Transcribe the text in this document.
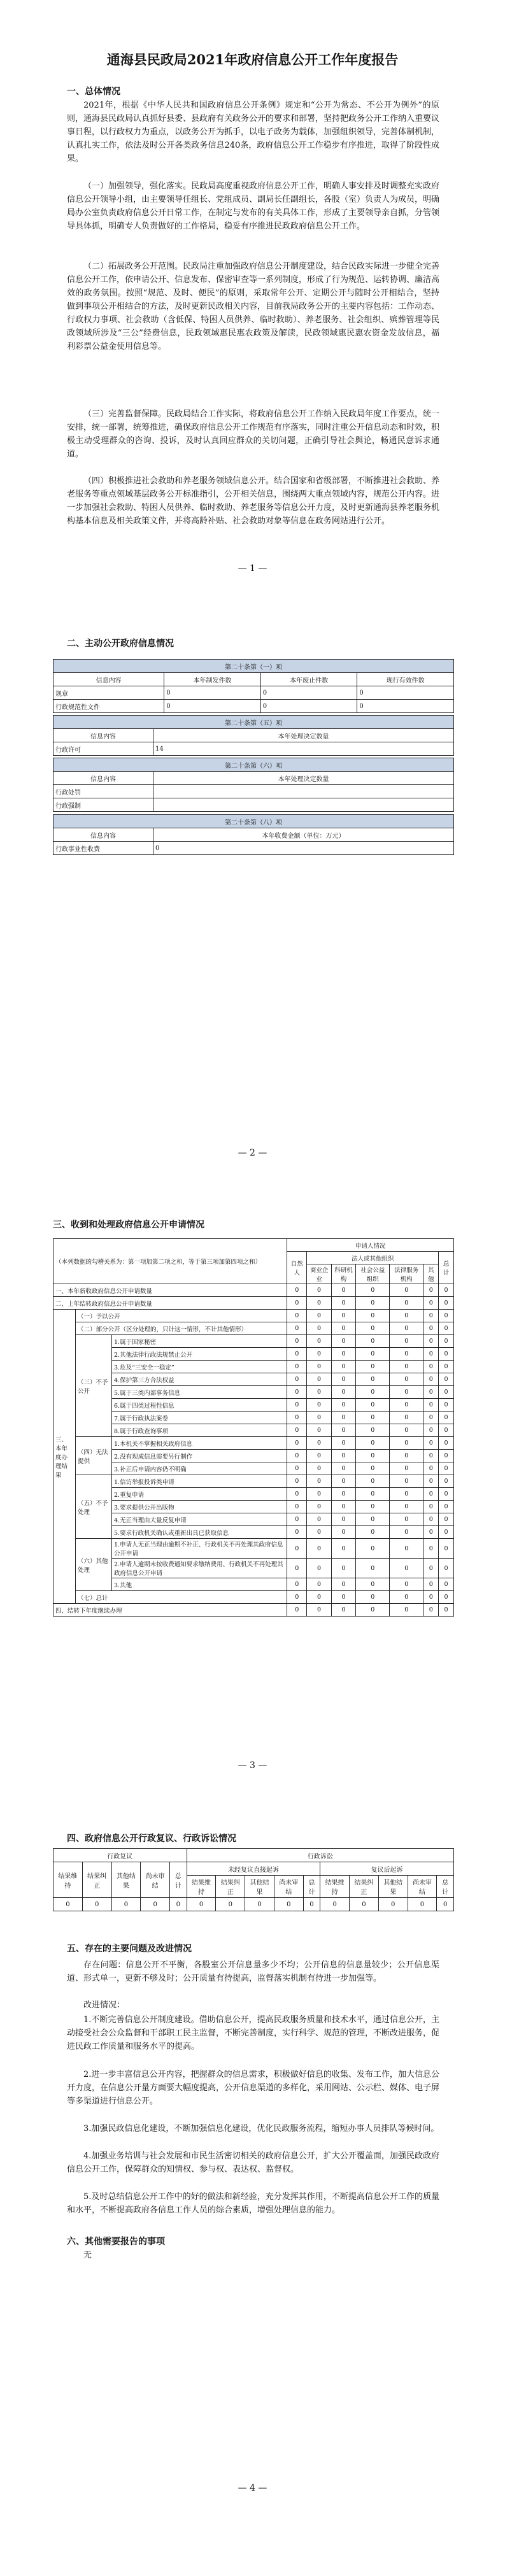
通海县民政局2021年政府信息公开工作年度报告
一、总体情况
2021年，根据《中华人民共和国政府信息公开条例》规定和“公开为常态、不公开为例外”的原则，通海县民政局认真抓好县委、县政府有关政务公开的要求和部署，坚持把政务公开工作纳入重要议事日程，以行政权力为重点，以政务公开为抓手，以电子政务为载体，加强组织领导，完善体制机制，认真扎实工作，依法及时公开各类政务信息240条，政府信息公开工作稳步有序推进，取得了阶段性成果。
（一）加强领导，强化落实。民政局高度重视政府信息公开工作，明确人事安排及时调整充实政府信息公开领导小组，由主要领导任组长、党组成员、副局长任副组长，各股（室）负责人为成员，明确局办公室负责政府信息公开日常工作，在制定与发布的有关具体工作，形成了主要领导亲自抓，分管领导具体抓，明确专人负责做好的工作格局，稳妥有序推进民政政府信息公开工作。
（二）拓展政务公开范围。民政局注重加强政府信息公开制度建设，结合民政实际进一步健全完善信息公开工作，依申请公开、信息发布、保密审查等一系列制度，形成了行为规范、运转协调、廉洁高效的政务氛围。按照“规范、及时、便民”的原则，采取常年公开、定期公开与随时公开相结合，坚持做到事项公开相结合的方法，及时更新民政相关内容，目前我局政务公开的主要内容包括：工作动态、行政权力事项、社会救助（含低保、特困人员供养、临时救助）、养老服务、社会组织、殡葬管理等民政领域所涉及“三公”经费信息，民政领域惠民惠农政策及解读，民政领域惠民惠农资金发放信息，福利彩票公益金使用信息等。
（三）完善监督保障。民政局结合工作实际，将政府信息公开工作纳入民政局年度工作要点，统一安排，统一部署，统筹推进，确保政府信息公开工作规范有序落实，同时注重公开信息动态和时效，积极主动受理群众的咨询、投诉，及时认真回应群众的关切问题，正确引导社会舆论，畅通民意诉求通道。
（四）积极推进社会救助和养老服务领域信息公开。结合国家和省级部署，不断推进社会救助、养老服务等重点领域基层政务公开标准指引，公开相关信息，围绕两大重点领域内容，规范公开内容。进一步加强社会救助、特困人员供养、临时救助、养老服务等信息公开力度，及时更新通海县养老服务机构基本信息及相关政策文件，并将高龄补贴、社会救助对象等信息在政务网站进行公开。
— 1 —
二、主动公开政府信息情况
第二十条第（一）项			
信息内容	本年制发件数	本年废止件数	现行有效件数
规章	0	0	0
行政规范性文件	0	0	0
第二十条第（五）项	
信息内容	本年处理决定数量
行政许可	14
第二十条第（六）项	
信息内容	本年处理决定数量
行政处罚	
行政强制	
第二十条第（八）项	
信息内容	本年收费金额（单位：万元）
行政事业性收费	0
— 2 —
三、收到和处理政府信息公开申请情况
（本列数据的勾稽关系为：第一项加第二项之和，等于第三项加第四项之和）			申请人情况						
			自然人	法人或其他组织					总计
				商业企业	科研机构	社会公益组织	法律服务机构	其他	
一、本年新收政府信息公开申请数量			0	0	0	0	0	0	0
二、上年结转政府信息公开申请数量			0	0	0	0	0	0	0
三、本年度办理结果	（一）予以公开		0	0	0	0	0	0	0
	（二）部分公开（区分处理的，只计这一情形，不计其他情形）		0	0	0	0	0	0	0
	（三）不予公开	1.属于国家秘密	0	0	0	0	0	0	0
		2.其他法律行政法规禁止公开	0	0	0	0	0	0	0
		3.危及“三安全一稳定”	0	0	0	0	0	0	0
		4.保护第三方合法权益	0	0	0	0	0	0	0
		5.属于三类内部事务信息	0	0	0	0	0	0	0
		6.属于四类过程性信息	0	0	0	0	0	0	0
		7.属于行政执法案卷	0	0	0	0	0	0	0
		8.属于行政查询事项	0	0	0	0	0	0	0
	（四）无法提供	1.本机关不掌握相关政府信息	0	0	0	0	0	0	0
		2.没有现成信息需要另行制作	0	0	0	0	0	0	0
		3.补正后申请内容仍不明确	0	0	0	0	0	0	0
	（五）不予处理	1.信访举报投诉类申请	0	0	0	0	0	0	0
		2.重复申请	0	0	0	0	0	0	0
		3.要求提供公开出版物	0	0	0	0	0	0	0
		4.无正当理由大量反复申请	0	0	0	0	0	0	0
		5.要求行政机关确认或重新出具已获取信息	0	0	0	0	0	0	0
	（六）其他处理	1.申请人无正当理由逾期不补正、行政机关不再处理其政府信息公开申请	0	0	0	0	0	0	0
		2.申请人逾期未按收费通知要求缴纳费用、行政机关不再处理其政府信息公开申请	0	0	0	0	0	0	0
		3.其他	0	0	0	0	0	0	0
	（七）总计		0	0	0	0	0	0	0
四、结转下年度继续办理			0	0	0	0	0	0	0
— 3 —
四、政府信息公开行政复议、行政诉讼情况
行政复议					行政诉讼									
结果维持	结果纠正	其他结果	尚未审结	总计	未经复议直接起诉					复议后起诉				
					结果维持	结果纠正	其他结果	尚未审结	总计	结果维持	结果纠正	其他结果	尚未审结	总计
0	0	0	0	0	0	0	0	0	0	0	0	0	0	0
五、存在的主要问题及改进情况
存在问题：信息公开不平衡，各股室公开信息量多少不均；公开信息的信息量较少；公开信息渠道、形式单一，更新不够及时；公开质量有待提高，监督落实机制有待进一步加强等。
改进情况：
1.不断完善信息公开制度建设。借助信息公开，提高民政服务质量和技术水平，通过信息公开，主动接受社会公众监督和干部职工民主监督，不断完善制度，实行科学、规范的管理，不断改进服务，促进民政工作质量和服务水平的提高。
2.进一步丰富信息公开内容，把握群众的信息需求，积极做好信息的收集、发布工作，加大信息公开力度，在信息公开量方面要大幅度提高，公开信息渠道的多样化，采用网站、公示栏、媒体、电子屏等多渠道进行信息公开。
3.加强民政信息化建设，不断加强信息化建设，优化民政服务流程，缩短办事人员排队等候时间。
4.加强业务培训与社会发展和市民生活密切相关的政府信息公开，扩大公开覆盖面，加强民政政府信息公开工作，保障群众的知情权、参与权、表达权、监督权。
5.及时总结信息公开工作中的好的做法和新经验，充分发挥其作用，不断提高信息公开工作的质量和水平，不断提高政府各信息工作人员的综合素质，增强处理信息的能力。
六、其他需要报告的事项
无
— 4 —
